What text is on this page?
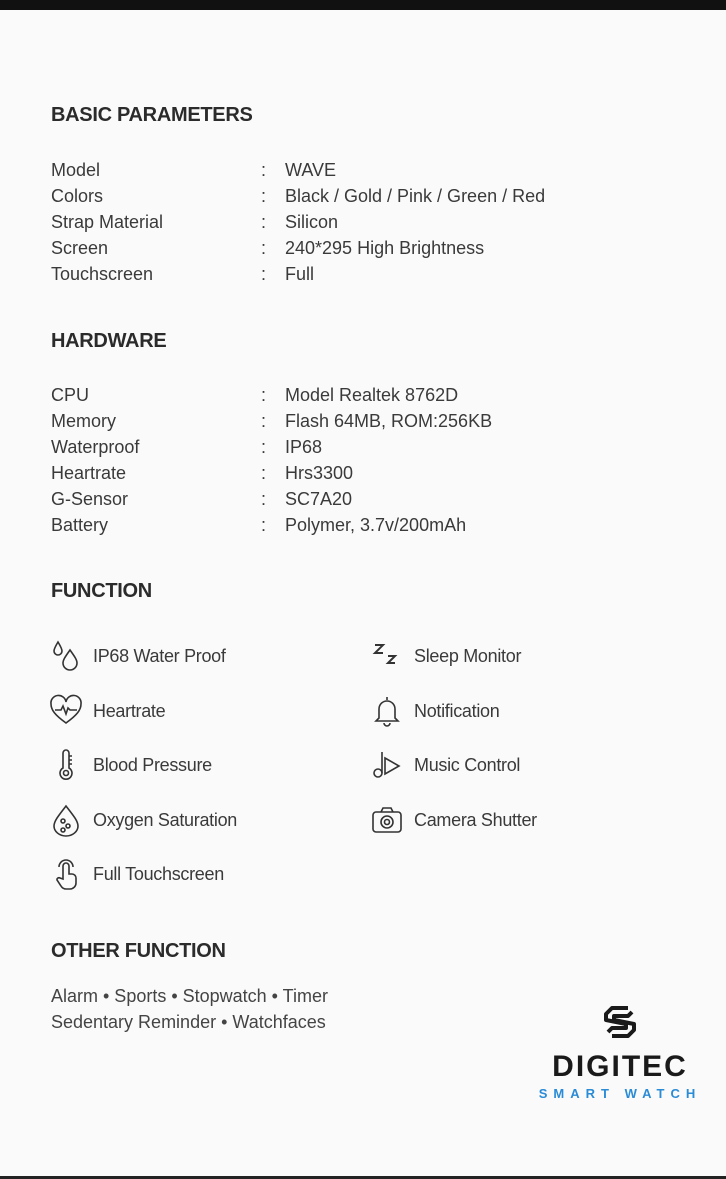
BASIC PARAMETERS
Model	:	WAVE
Colors	:	Black / Gold / Pink / Green / Red
Strap Material	:	Silicon
Screen	:	240*295 High Brightness
Touchscreen	:	Full
HARDWARE
CPU	:	Model Realtek 8762D
Memory	:	Flash 64MB, ROM:256KB
Waterproof	:	IP68
Heartrate	:	Hrs3300
G-Sensor	:	SC7A20
Battery	:	Polymer, 3.7v/200mAh
FUNCTION
IP68 Water Proof	Sleep Monitor
Heartrate	Notification
Blood Pressure	Music Control
Oxygen Saturation	Camera Shutter
Full Touchscreen
OTHER FUNCTION
Alarm • Sports • Stopwatch • Timer
Sedentary Reminder • Watchfaces
DIGITEC
SMART WATCH
